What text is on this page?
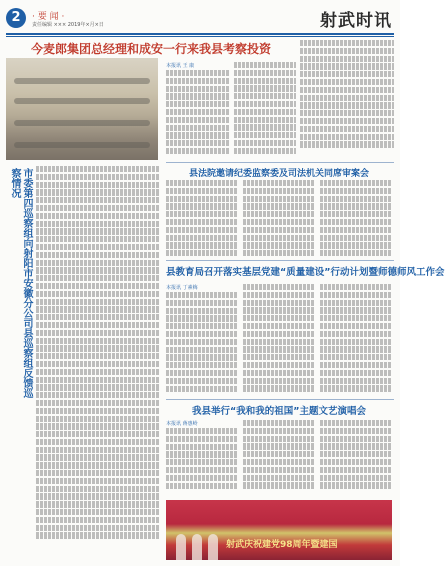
2	· 要 闻 ·
责任编辑 ××× 2019年×月×日	射武时讯
今麦郎集团总经理和成安一行来我县考察投资
本报讯 王 康
市委第四巡察组向射阳市安徽分公司县巡察组反馈巡察情况	县法院邀请纪委监察委及司法机关同席审案会
县教育局召开落实基层党建“质量建设”行动计划暨师德师风工作会
本报讯 丁素梅
我县举行“我和我的祖国”主题文艺演唱会
本报讯 蒋惠岭
射武庆祝建党98周年暨建国
